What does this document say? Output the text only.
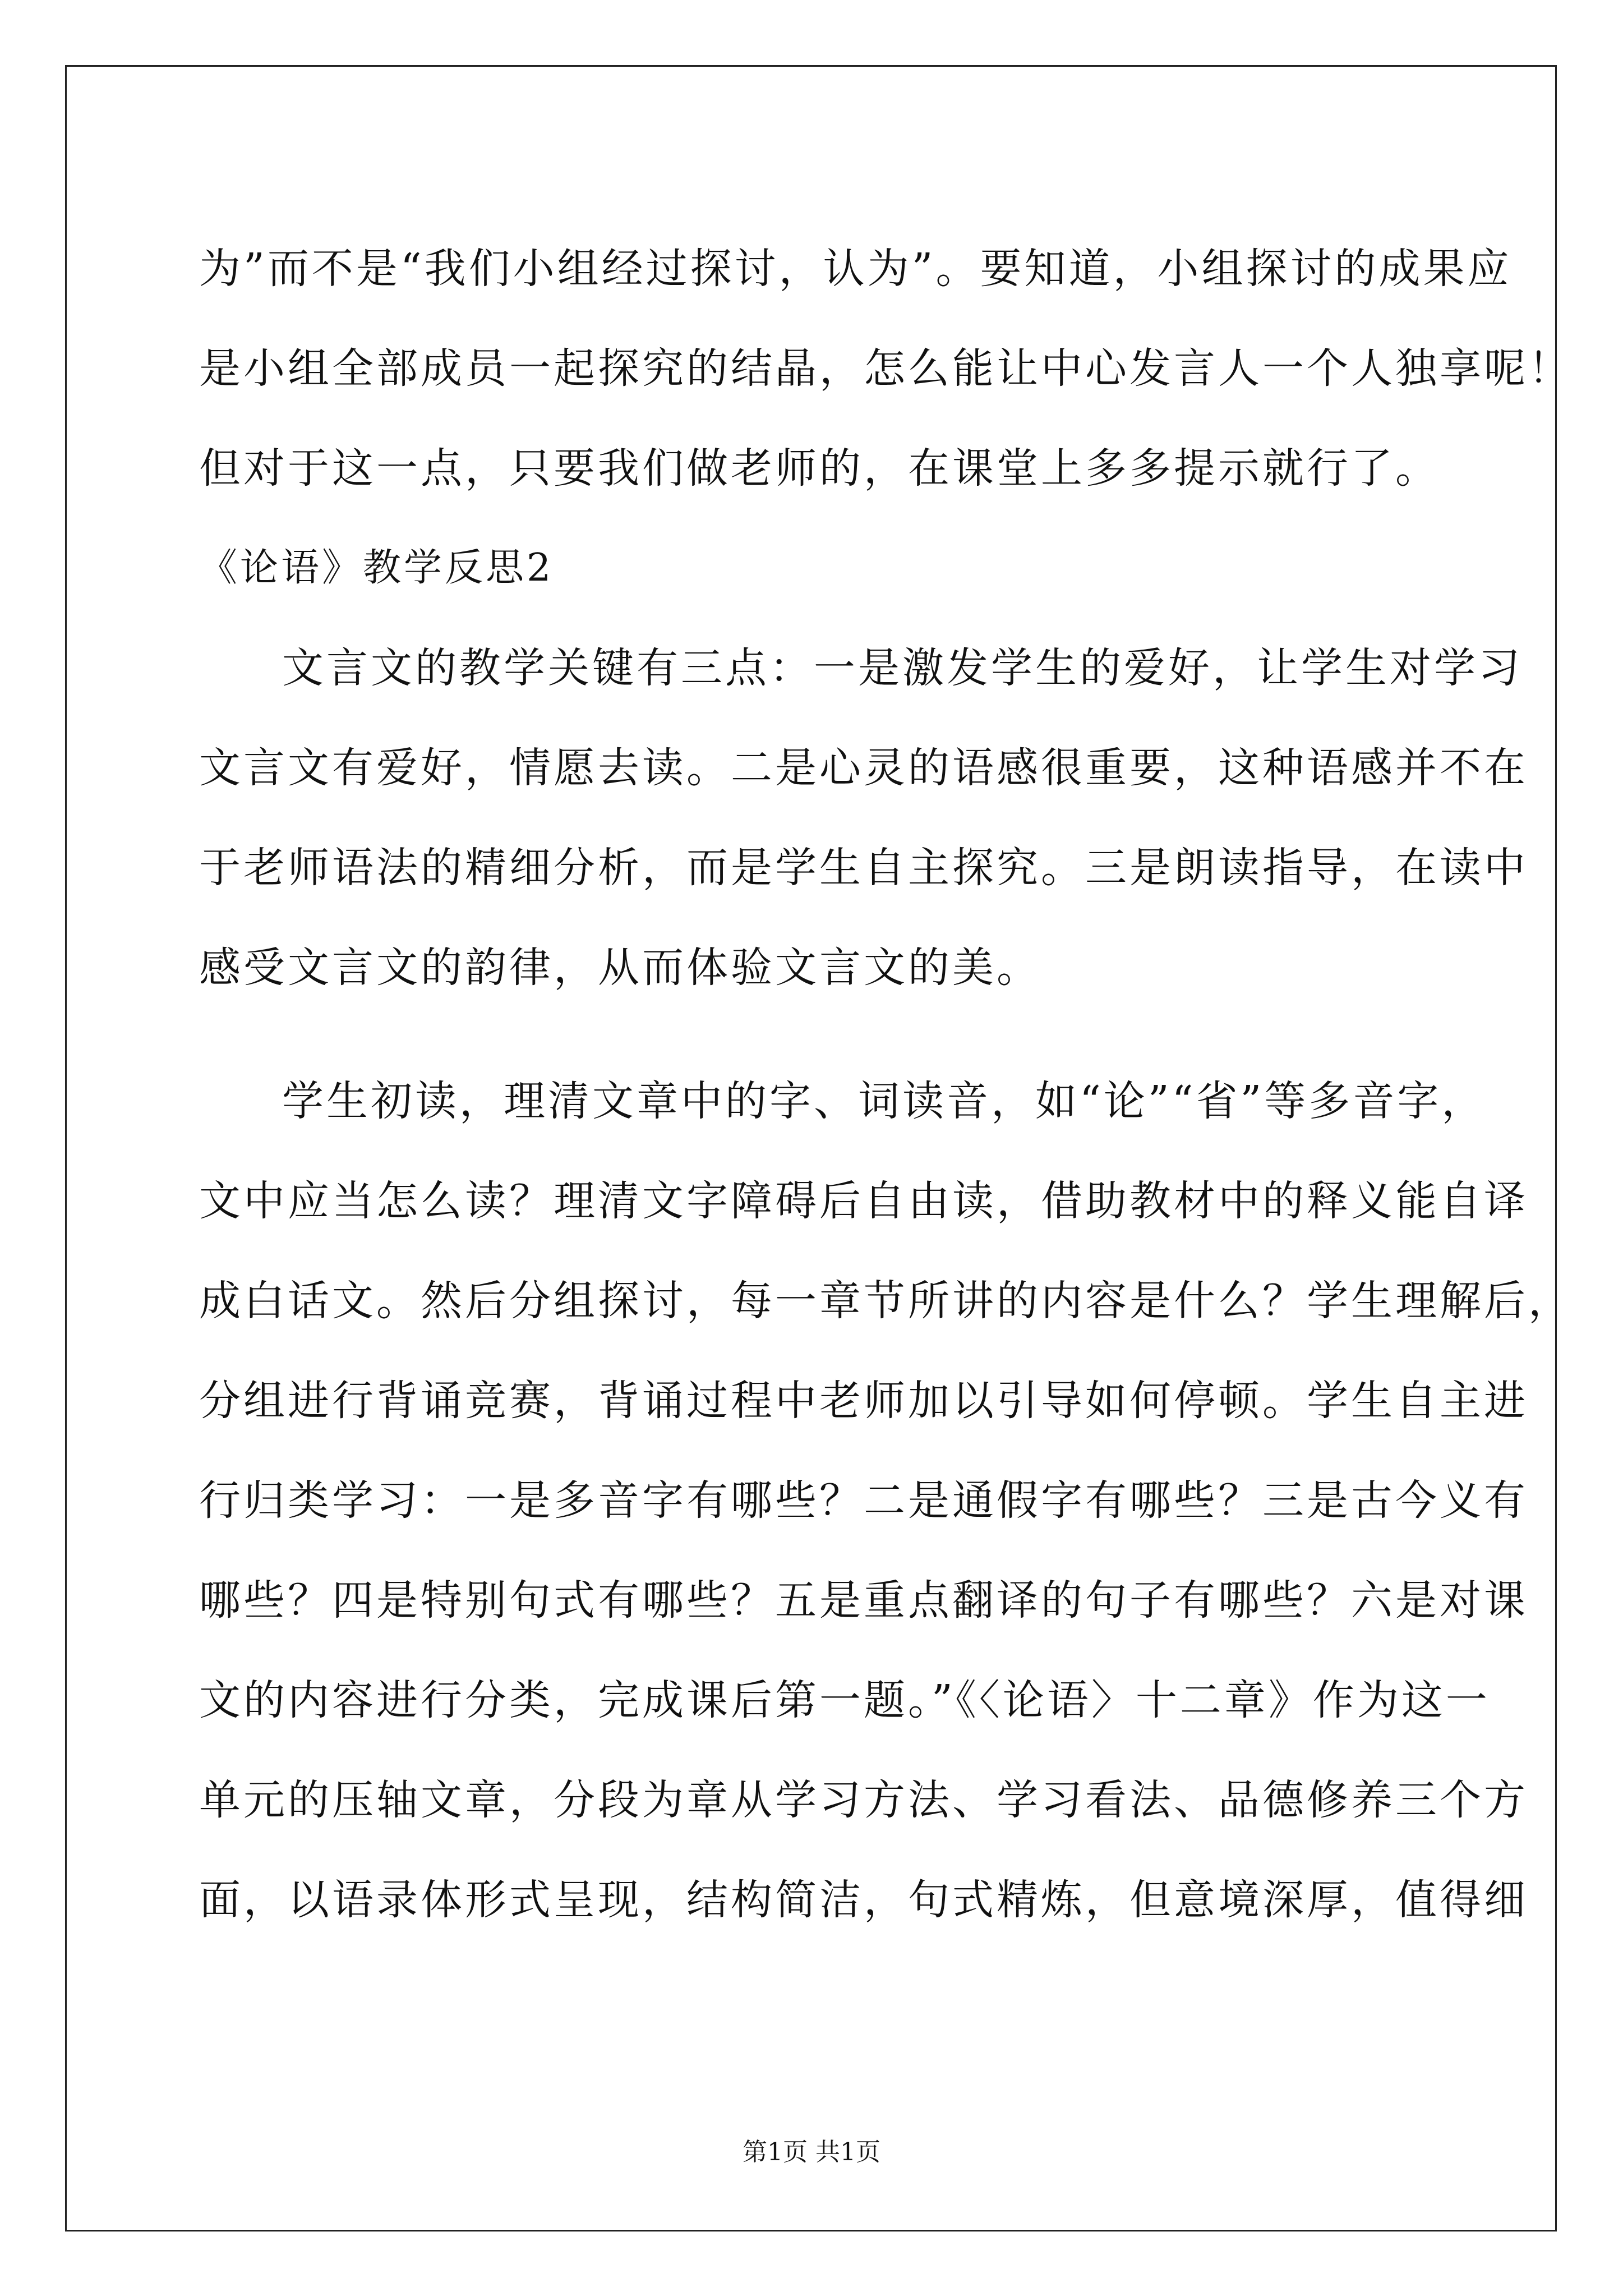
为”而不是“我们小组经过探讨，认为”。要知道，小组探讨的成果应
是小组全部成员一起探究的结晶，怎么能让中心发言人一个人独享呢！
但对于这一点，只要我们做老师的，在课堂上多多提示就行了。
《论语》教学反思2
文言文的教学关键有三点：一是激发学生的爱好，让学生对学习
文言文有爱好，情愿去读。二是心灵的语感很重要，这种语感并不在
于老师语法的精细分析，而是学生自主探究。三是朗读指导，在读中
感受文言文的韵律，从而体验文言文的美。
学生初读，理清文章中的字、词读音，如“论”“省”等多音字，
文中应当怎么读？理清文字障碍后自由读，借助教材中的释义能自译
成白话文。然后分组探讨，每一章节所讲的内容是什么？学生理解后，
分组进行背诵竞赛，背诵过程中老师加以引导如何停顿。学生自主进
行归类学习：一是多音字有哪些？二是通假字有哪些？三是古今义有
哪些？四是特别句式有哪些？五是重点翻译的句子有哪些？六是对课
文的内容进行分类，完成课后第一题。”《〈论语〉十二章》作为这一
单元的压轴文章，分段为章从学习方法、学习看法、品德修养三个方
面，以语录体形式呈现，结构简洁，句式精炼，但意境深厚，值得细
第1页 共1页
